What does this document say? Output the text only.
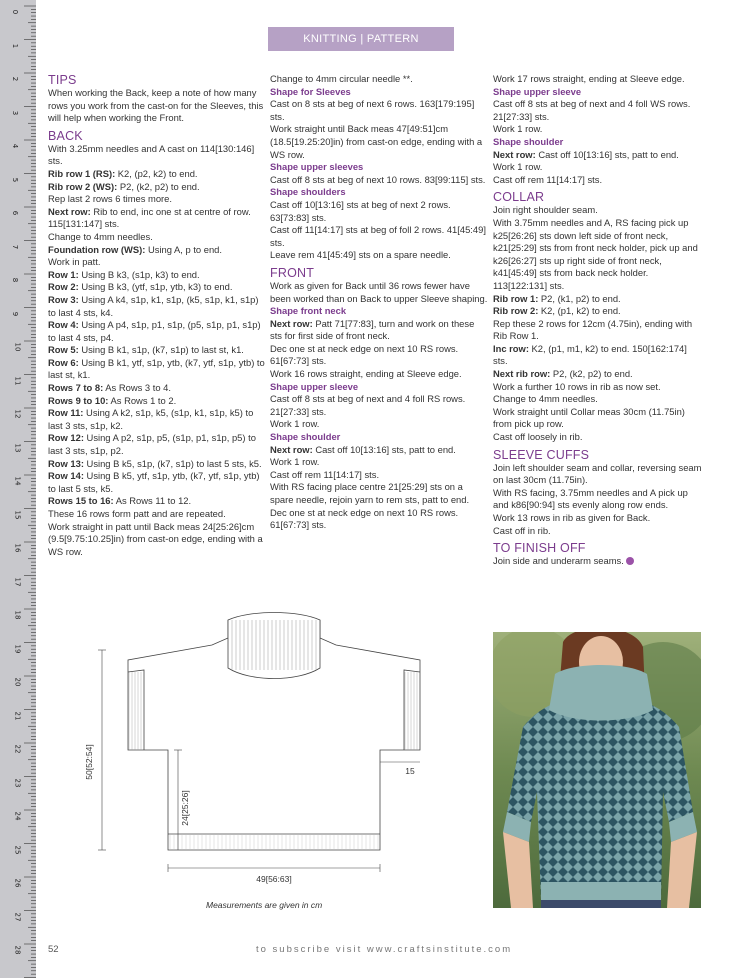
0
1
2
3
4
5
6
7
8
9
10
11
12
13
14
15
16
17
18
19
20
21
22
23
24
25
26
27
28
KNITTING | PATTERN INSTRUCTIONS

TIPS

When working the Back, keep a note of how many rows you work from the cast-on for the Sleeves, this will help when working the Front.

BACK

With 3.25mm needles and A cast on 114[130:146] sts.

Rib row 1 (RS): K2, (p2, k2) to end.

Rib row 2 (WS): P2, (k2, p2) to end.

Rep last 2 rows 6 times more.

Next row: Rib to end, inc one st at centre of row. 115[131:147] sts.

Change to 4mm needles.

Foundation row (WS): Using A, p to end.

Work in patt.

Row 1: Using B k3, (s1p, k3) to end.

Row 2: Using B k3, (ytf, s1p, ytb, k3) to end.

Row 3: Using A k4, s1p, k1, s1p, (k5, s1p, k1, s1p) to last 4 sts, k4.

Row 4: Using A p4, s1p, p1, s1p, (p5, s1p, p1, s1p) to last 4 sts, p4.

Row 5: Using B k1, s1p, (k7, s1p) to last st, k1.

Row 6: Using B k1, ytf, s1p, ytb, (k7, ytf, s1p, ytb) to last st, k1.

Rows 7 to 8: As Rows 3 to 4.

Rows 9 to 10: As Rows 1 to 2.

Row 11: Using A k2, s1p, k5, (s1p, k1, s1p, k5) to last 3 sts, s1p, k2.

Row 12: Using A p2, s1p, p5, (s1p, p1, s1p, p5) to last 3 sts, s1p, p2.

Row 13: Using B k5, s1p, (k7, s1p) to last 5 sts, k5.

Row 14: Using B k5, ytf, s1p, ytb, (k7, ytf, s1p, ytb) to last 5 sts, k5.

Rows 15 to 16: As Rows 11 to 12.

These 16 rows form patt and are repeated.

Work straight in patt until Back meas 24[25:26]cm (9.5[9.75:10.25]in) from cast-on edge, ending with a WS row.

Change to 4mm circular needle **.

Shape for Sleeves

Cast on 8 sts at beg of next 6 rows. 163[179:195] sts.

Work straight until Back meas 47[49:51]cm (18.5[19.25:20]in) from cast-on edge, ending with a WS row.

Shape upper sleeves

Cast off 8 sts at beg of next 10 rows. 83[99:115] sts.

Shape shoulders

Cast off 10[13:16] sts at beg of next 2 rows. 63[73:83] sts.

Cast off 11[14:17] sts at beg of foll 2 rows. 41[45:49] sts.

Leave rem 41[45:49] sts on a spare needle.

FRONT

Work as given for Back until 36 rows fewer have been worked than on Back to upper Sleeve shaping.

Shape front neck

Next row: Patt 71[77:83], turn and work on these sts for first side of front neck.

Dec one st at neck edge on next 10 RS rows. 61[67:73] sts.

Work 16 rows straight, ending at Sleeve edge.

Shape upper sleeve

Cast off 8 sts at beg of next and 4 foll RS rows. 21[27:33] sts.

Work 1 row.

Shape shoulder

Next row: Cast off 10[13:16] sts, patt to end.

Work 1 row.

Cast off rem 11[14:17] sts.

With RS facing place centre 21[25:29] sts on a spare needle, rejoin yarn to rem sts, patt to end.

Dec one st at neck edge on next 10 RS rows. 61[67:73] sts.

Work 17 rows straight, ending at Sleeve edge.

Shape upper sleeve

Cast off 8 sts at beg of next and 4 foll WS rows. 21[27:33] sts.

Work 1 row.

Shape shoulder

Next row: Cast off 10[13:16] sts, patt to end.

Work 1 row.

Cast off rem 11[14:17] sts.

COLLAR

Join right shoulder seam.

With 3.75mm needles and A, RS facing pick up k25[26:26] sts down left side of front neck, k21[25:29] sts from front neck holder, pick up and k26[26:27] sts up right side of front neck, k41[45:49] sts from back neck holder. 113[122:131] sts.

Rib row 1: P2, (k1, p2) to end.

Rib row 2: K2, (p1, k2) to end.

Rep these 2 rows for 12cm (4.75in), ending with Rib Row 1.

Inc row: K2, (p1, m1, k2) to end. 150[162:174] sts.

Next rib row: P2, (k2, p2) to end.

Work a further 10 rows in rib as now set.

Change to 4mm needles.

Work straight until Collar meas 30cm (11.75in) from pick up row.

Cast off loosely in rib.

SLEEVE CUFFS

Join left shoulder seam and collar, reversing seam on last 30cm (11.75in).

With RS facing, 3.75mm needles and A pick up and k86[90:94] sts evenly along row ends.

Work 13 rows in rib as given for Back.

Cast off in rib.

TO FINISH OFF

Join side and underarm seams.

50[52:54]
24[25:26]
49[56:63]
15
Measurements are given in cm
52	to subscribe visit www.craftsinstitute.com
